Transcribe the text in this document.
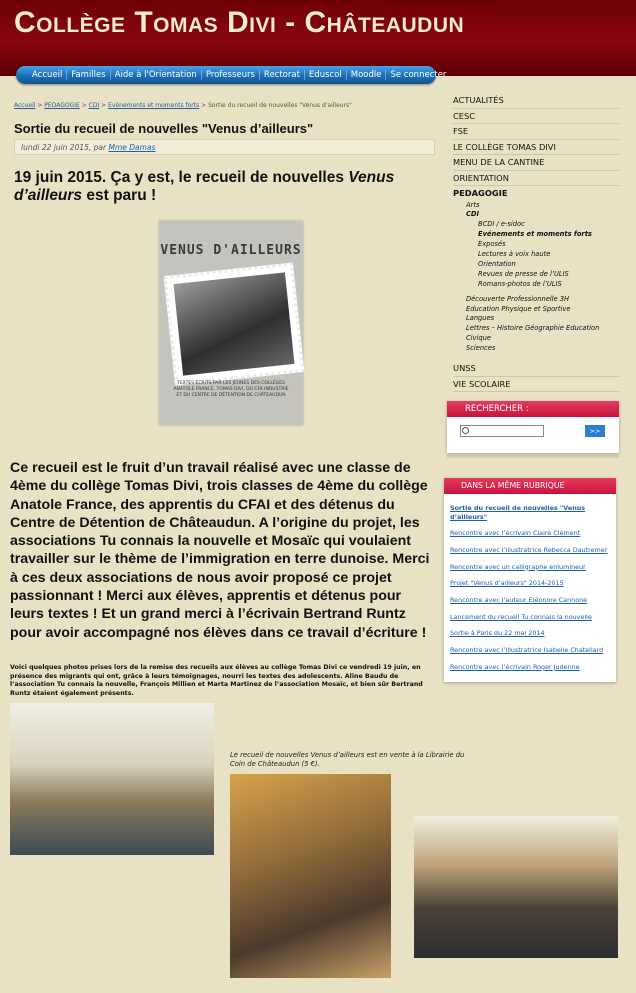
Collège Tomas Divi - Châteaudun
Accueil	Familles	Aide à l'Orientation	Professeurs	Rectorat	Eduscol	Moodle	Se connecter
Accueil > PEDAGOGIE > CDI > Evénements et moments forts > Sortie du recueil de nouvelles "Venus d'ailleurs"
Sortie du recueil de nouvelles "Venus d’ailleurs"
lundi 22 juin 2015, par Mme Damas
19 juin 2015. Ça y est, le recueil de nouvelles Venus d’ailleurs est paru !
VENUS D'AILLEURS
TEXTES ÉCRITS PAR LES JEUNES DES COLLÈGES ANATOLE FRANCE, TOMAS DIVI, DU CFA INDUSTRIE ET DU CENTRE DE DÉTENTION DE CHÂTEAUDUN
Ce recueil est le fruit d’un travail réalisé avec une classe de 4ème du collège Tomas Divi, trois classes de 4ème du collège Anatole France, des apprentis du CFAI et des détenus du Centre de Détention de Châteaudun. A l’origine du projet, les associations Tu connais la nouvelle et Mosaïc qui voulaient travailler sur le thème de l’immigration en terre dunoise. Merci à ces deux associations de nous avoir proposé ce projet passionnant ! Merci aux élèves, apprentis et détenus pour leurs textes ! Et un grand merci à l’écrivain Bertrand Runtz pour avoir accompagné nos élèves dans ce travail d’écriture !
Voici quelques photos prises lors de la remise des recueils aux élèves au collège Tomas Divi ce vendredi 19 juin, en présence des migrants qui ont, grâce à leurs témoignages, nourri les textes des adolescents. Aline Baudu de l’association Tu connais la nouvelle, François Millien et Marta Martinez de l’association Mosaïc, et bien sûr Bertrand Runtz étaient également présents.
Le recueil de nouvelles Venus d’ailleurs est en vente à la Librairie du Coin de Châteaudun (5 €).
ACTUALITÉS
CESC
FSE
LE COLLÈGE TOMAS DIVI
MENU DE LA CANTINE
ORIENTATION
PEDAGOGIE
Arts
CDI
BCDI / e-sidoc
Evénements et moments forts
Exposés
Lectures à voix haute
Orientation
Revues de presse de l’ULIS
Romans-photos de l’ULIS
Découverte Professionnelle 3H
Education Physique et Sportive
Langues
Lettres – Histoire Géographie Education Civique
Sciences
UNSS
VIE SCOLAIRE
RECHERCHER :
>>
DANS LA MÊME RUBRIQUE
Sortie du recueil de nouvelles "Venus d’ailleurs"
Rencontre avec l’écrivain Claire Clément
Rencontre avec l’illustratrice Rebecca Dautremer
Rencontre avec un calligraphe enlumineur
Projet "Venus d’ailleurs" 2014-2015
Rencontre avec l’auteur Eléonore Cannone
Lancement du recueil Tu connais la nouvelle
Sortie à Paris du 22 mai 2014
Rencontre avec l’illustratrice Isabelle Chatellard
Rencontre avec l’écrivain Roger Judenne
